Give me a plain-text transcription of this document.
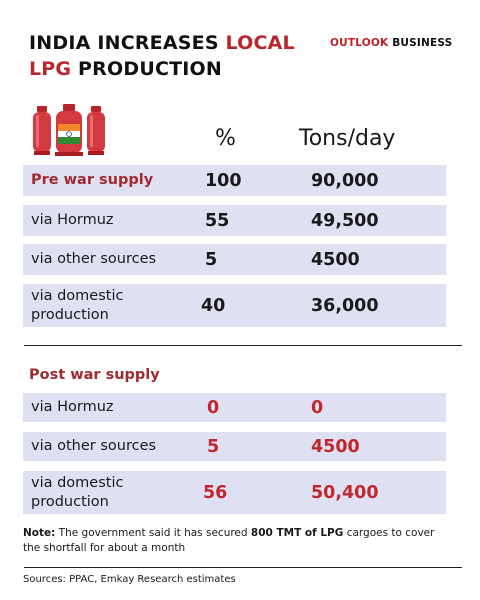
INDIA INCREASES LOCAL
LPG PRODUCTION
OUTLOOK BUSINESS
%	Tons/day
Pre war supply	100	90,000
via Hormuz	55	49,500
via other sources	5	4500
via domestic
production	40	36,000
Post war supply
via Hormuz	0	0
via other sources	5	4500
via domestic
production	56	50,400
Note: The government said it has secured 800 TMT of LPG cargoes to cover the shortfall for about a month
Sources: PPAC, Emkay Research estimates
